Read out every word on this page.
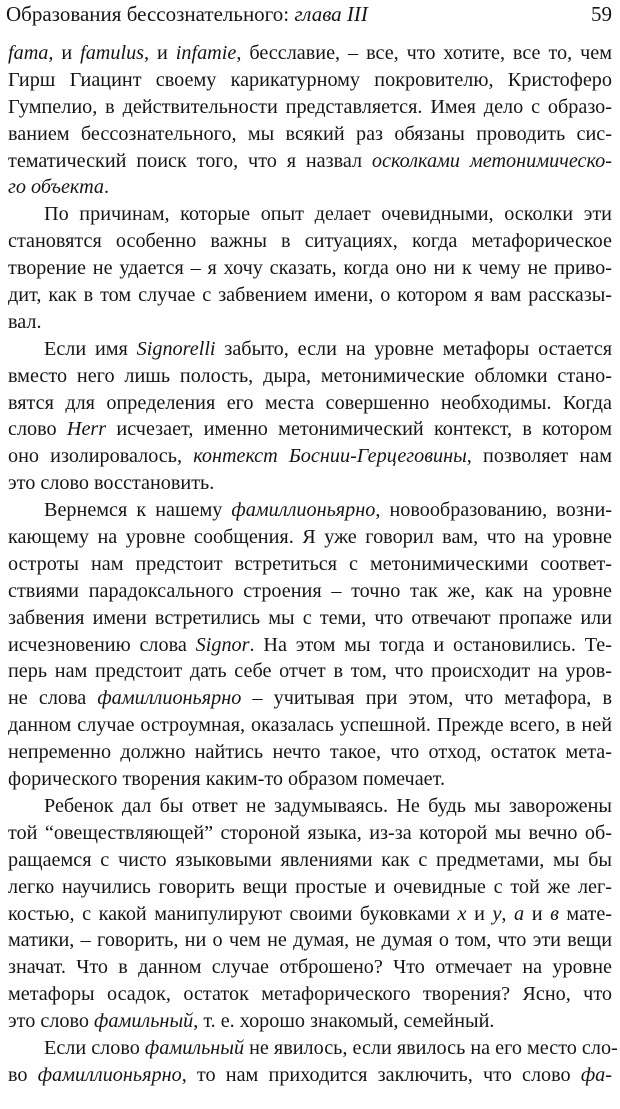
Образования бессознательного: глава III	59
fama, и famulus, и infamie, бесславие, – все, что хотите, все то, чем
Гирш Гиацинт своему карикатурному покровителю, Кристоферо
Гумпелио, в действительности представляется. Имея дело с образо-
ванием бессознательного, мы всякий раз обязаны проводить сис-
тематический поиск того, что я назвал осколками метонимическо-
го объекта.
По причинам, которые опыт делает очевидными, осколки эти
становятся особенно важны в ситуациях, когда метафорическое
творение не удается – я хочу сказать, когда оно ни к чему не приво-
дит, как в том случае с забвением имени, о котором я вам рассказы-
вал.
Если имя Signorelli забыто, если на уровне метафоры остается
вместо него лишь полость, дыра, метонимические обломки стано-
вятся для определения его места совершенно необходимы. Когда
слово Herr исчезает, именно метонимический контекст, в котором
оно изолировалось, контекст Боснии-Герцеговины, позволяет нам
это слово восстановить.
Вернемся к нашему фамиллионьярно, новообразованию, возни-
кающему на уровне сообщения. Я уже говорил вам, что на уровне
остроты нам предстоит встретиться с метонимическими соответ-
ствиями парадоксального строения – точно так же, как на уровне
забвения имени встретились мы с теми, что отвечают пропаже или
исчезновению слова Signor. На этом мы тогда и остановились. Те-
перь нам предстоит дать себе отчет в том, что происходит на уров-
не слова фамиллионьярно – учитывая при этом, что метафора, в
данном случае остроумная, оказалась успешной. Прежде всего, в ней
непременно должно найтись нечто такое, что отход, остаток мета-
форического творения каким-то образом помечает.
Ребенок дал бы ответ не задумываясь. Не будь мы заворожены
той “овеществляющей” стороной языка, из-за которой мы вечно об-
ращаемся с чисто языковыми явлениями как с предметами, мы бы
легко научились говорить вещи простые и очевидные с той же лег-
костью, с какой манипулируют своими буковками x и y, a и в мате-
матики, – говорить, ни о чем не думая, не думая о том, что эти вещи
значат. Что в данном случае отброшено? Что отмечает на уровне
метафоры осадок, остаток метафорического творения? Ясно, что
это слово фамильный, т. е. хорошо знакомый, семейный.
Если слово фамильный не явилось, если явилось на его место сло-
во фамиллионьярно, то нам приходится заключить, что слово фа-
